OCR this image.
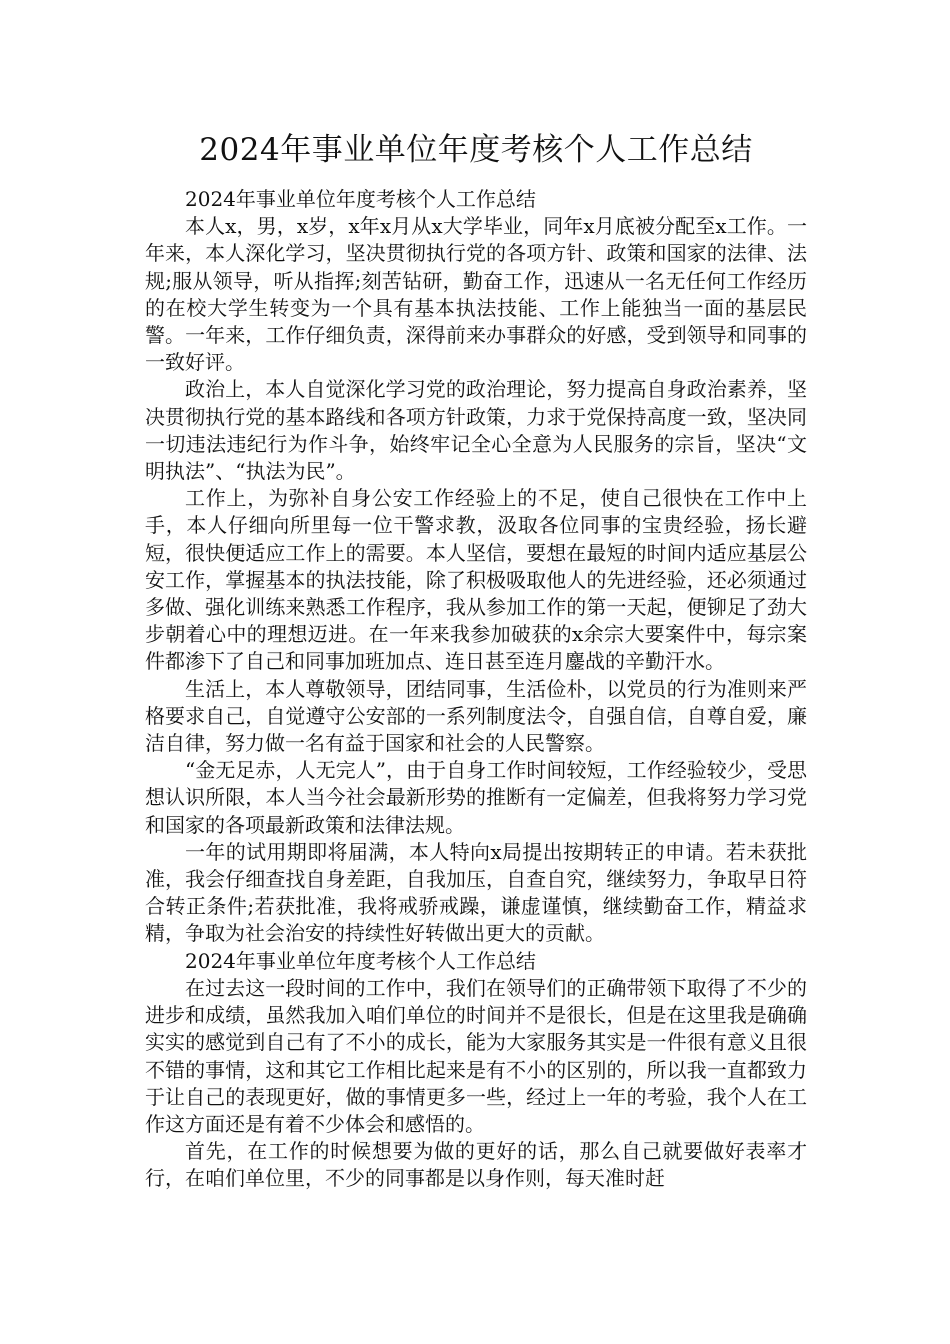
2024年事业单位年度考核个人工作总结

2024年事业单位年度考核个人工作总结

本人x，男，x岁，x年x月从x大学毕业，同年x月底被分配至x工作。一年来，本人深化学习，坚决贯彻执行党的各项方针、政策和国家的法律、法规;服从领导，听从指挥;刻苦钻研，勤奋工作，迅速从一名无任何工作经历的在校大学生转变为一个具有基本执法技能、工作上能独当一面的基层民警。一年来，工作仔细负责，深得前来办事群众的好感，受到领导和同事的一致好评。

政治上，本人自觉深化学习党的政治理论，努力提高自身政治素养，坚决贯彻执行党的基本路线和各项方针政策，力求于党保持高度一致，坚决同一切违法违纪行为作斗争，始终牢记全心全意为人民服务的宗旨，坚决“文明执法”、“执法为民”。

工作上，为弥补自身公安工作经验上的不足，使自己很快在工作中上手，本人仔细向所里每一位干警求教，汲取各位同事的宝贵经验，扬长避短，很快便适应工作上的需要。本人坚信，要想在最短的时间内适应基层公安工作，掌握基本的执法技能，除了积极吸取他人的先进经验，还必须通过多做、强化训练来熟悉工作程序，我从参加工作的第一天起，便铆足了劲大步朝着心中的理想迈进。在一年来我参加破获的x余宗大要案件中，每宗案件都渗下了自己和同事加班加点、连日甚至连月鏖战的辛勤汗水。

生活上，本人尊敬领导，团结同事，生活俭朴，以党员的行为准则来严格要求自己，自觉遵守公安部的一系列制度法令，自强自信，自尊自爱，廉洁自律，努力做一名有益于国家和社会的人民警察。

“金无足赤，人无完人”，由于自身工作时间较短，工作经验较少，受思想认识所限，本人当今社会最新形势的推断有一定偏差，但我将努力学习党和国家的各项最新政策和法律法规。

一年的试用期即将届满，本人特向x局提出按期转正的申请。若未获批准，我会仔细查找自身差距，自我加压，自查自究，继续努力，争取早日符合转正条件;若获批准，我将戒骄戒躁，谦虚谨慎，继续勤奋工作，精益求精，争取为社会治安的持续性好转做出更大的贡献。

2024年事业单位年度考核个人工作总结

在过去这一段时间的工作中，我们在领导们的正确带领下取得了不少的进步和成绩，虽然我加入咱们单位的时间并不是很长，但是在这里我是确确实实的感觉到自己有了不小的成长，能为大家服务其实是一件很有意义且很不错的事情，这和其它工作相比起来是有不小的区别的，所以我一直都致力于让自己的表现更好，做的事情更多一些，经过上一年的考验，我个人在工作这方面还是有着不少体会和感悟的。

首先，在工作的时候想要为做的更好的话，那么自己就要做好表率才行，在咱们单位里，不少的同事都是以身作则，每天准时赶
